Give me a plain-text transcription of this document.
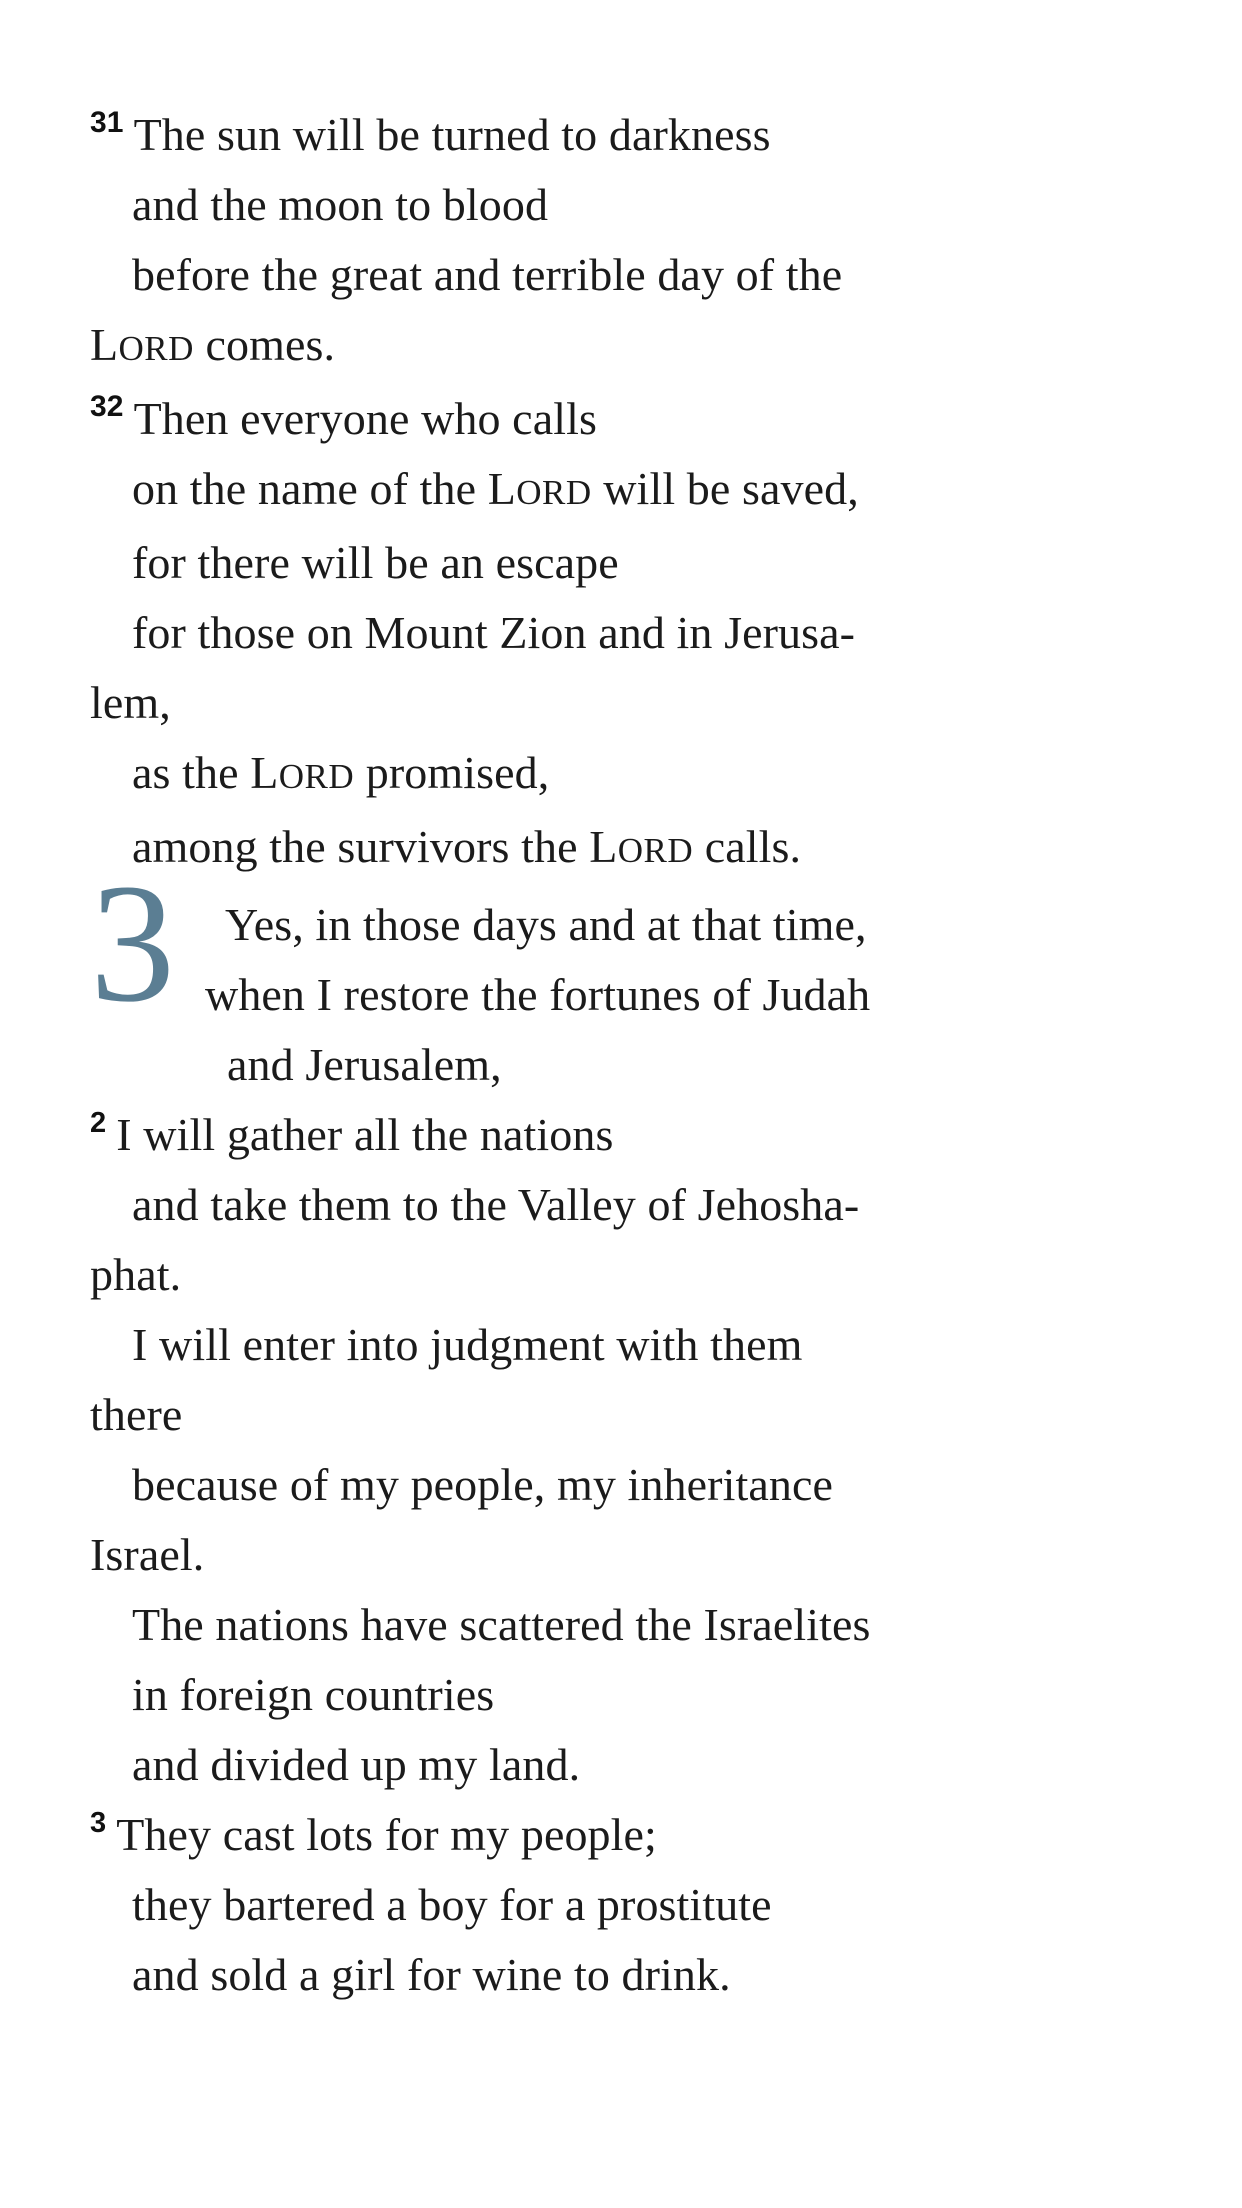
$^{31}$ The sun will be turned to darkness
and the moon to blood
before the great and terrible day of the
LORD comes.
$^{32}$ Then everyone who calls
on the name of the LORD will be saved,
for there will be an escape
for those on Mount Zion and in Jerusa-
lem,
as the LORD promised,
among the survivors the LORD calls.
3	Yes, in those days and at that time,
when I restore the fortunes of Judah
and Jerusalem,
$^2$ I will gather all the nations
and take them to the Valley of Jehosha-
phat.
I will enter into judgment with them
there
because of my people, my inheritance
Israel.
The nations have scattered the Israelites
in foreign countries
and divided up my land.
$^3$ They cast lots for my people;
they bartered a boy for a prostitute
and sold a girl for wine to drink.
